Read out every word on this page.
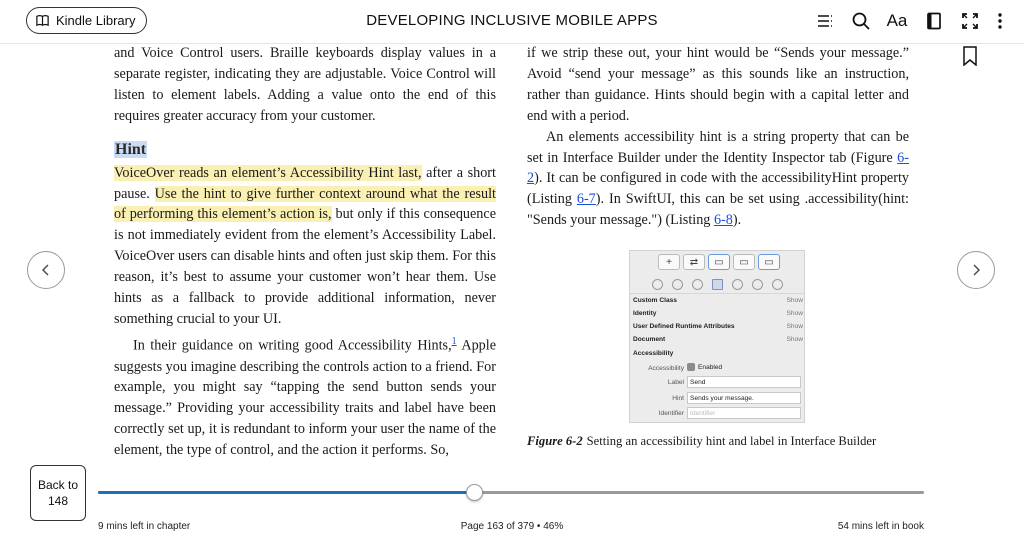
Kindle Library	DEVELOPING INCLUSIVE MOBILE APPS	Aa

and Voice Control users. Braille keyboards display values in a separate register, indicating they are adjustable. Voice Control will listen to element labels. Adding a value onto the end of this requires greater accuracy from your customer.

Hint

VoiceOver reads an element’s Accessibility Hint last, after a short pause. Use the hint to give further context around what the result of performing this element’s action is, but only if this consequence is not immediately evident from the element’s Accessibility Label. VoiceOver users can disable hints and often just skip them. For this reason, it’s best to assume your customer won’t hear them. Use hints as a fallback to provide additional information, never something crucial to your UI.

In their guidance on writing good Accessibility Hints,$^1$ Apple suggests you imagine describing the controls action to a friend. For example, you might say “tapping the send button sends your message.” Providing your accessibility traits and label have been correctly set up, it is redundant to inform your user the name of the element, the type of control, and the action it performs. So,

if we strip these out, your hint would be “Sends your message.” Avoid “send your message” as this sounds like an instruction, rather than guidance. Hints should begin with a capital letter and end with a period.

An elements accessibility hint is a string property that can be set in Interface Builder under the Identity Inspector tab (Figure 6-2). It can be configured in code with the accessibilityHint property (Listing 6-7). In SwiftUI, this can be set using .accessibility(hint: "Sends your message.") (Listing 6-8).

+	⇄	▭	▭	▭
Custom Class	Show
Identity	Show
User Defined Runtime Attributes	Show
Document	Show
Accessibility
Accessibility Enabled
Label Send
Hint Sends your message.
Identifier Identifier
Figure 6-2 Setting an accessibility hint and label in Interface Builder
Back to
148
9 mins left in chapter	Page 163 of 379 • 46%	54 mins left in book
